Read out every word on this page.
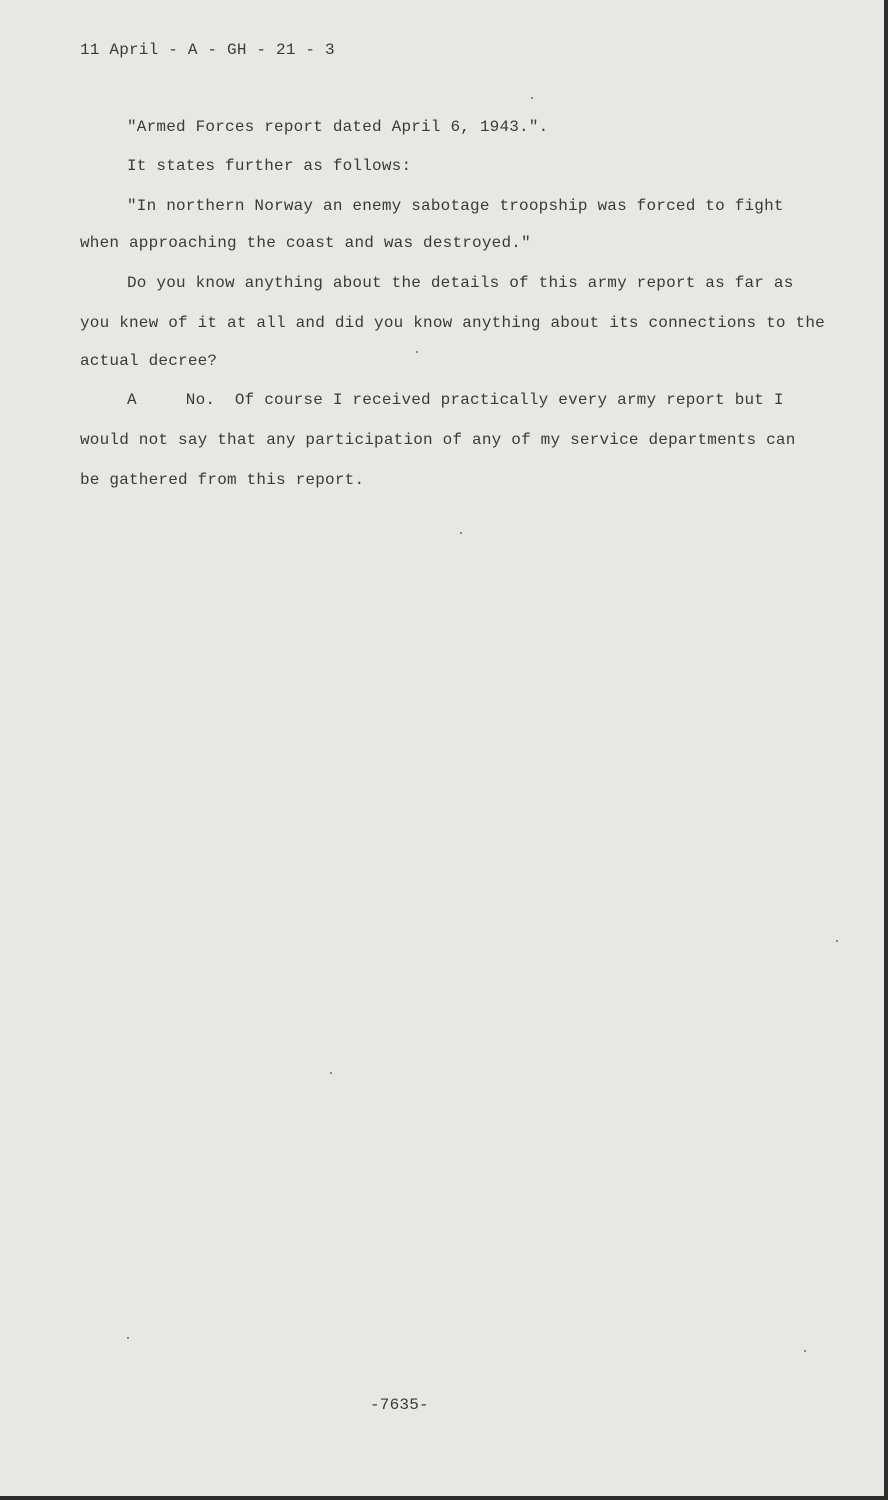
11 April - A - GH - 21 - 3
"Armed Forces report dated April 6, 1943.".
It states further as follows:
"In northern Norway an enemy sabotage troopship was forced to fight
when approaching the coast and was destroyed."
Do you know anything about the details of this army report as far as
you knew of it at all and did you know anything about its connections to the
actual decree?
A     No.  Of course I received practically every army report but I
would not say that any participation of any of my service departments can
be gathered from this report.
-7635-
